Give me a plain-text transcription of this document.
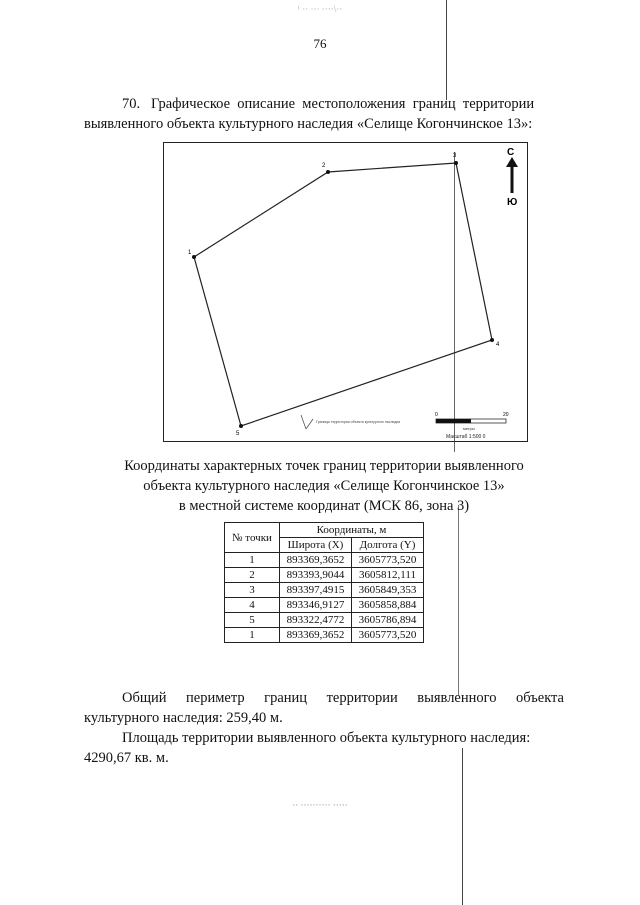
⁽ ·· ··· ····\··
76
70.   Графическое  описание  местоположения  границ  территории
выявленного объекта культурного наследия «Селище Когончинское 13»:
1
2
3
4
5
С
Ю
Границы территории объекта культурного наследия
0	20
метры
Масштаб 1:500 0
Координаты характерных точек границ территории выявленного
объекта культурного наследия «Селище Когончинское 13»
в местной системе координат (МСК 86, зона 3)
№ точки	Координаты, м	
	Широта (X)	Долгота (Y)
1	893369,3652	3605773,520
2	893393,9044	3605812,111
3	893397,4915	3605849,353
4	893346,9127	3605858,884
5	893322,4772	3605786,894
1	893369,3652	3605773,520
Общий   периметр   границ   территории   выявленного   объекта
культурного наследия: 259,40 м.
Площадь территории выявленного объекта культурного наследия:
4290,67 кв. м.
·· ·········· ·····
